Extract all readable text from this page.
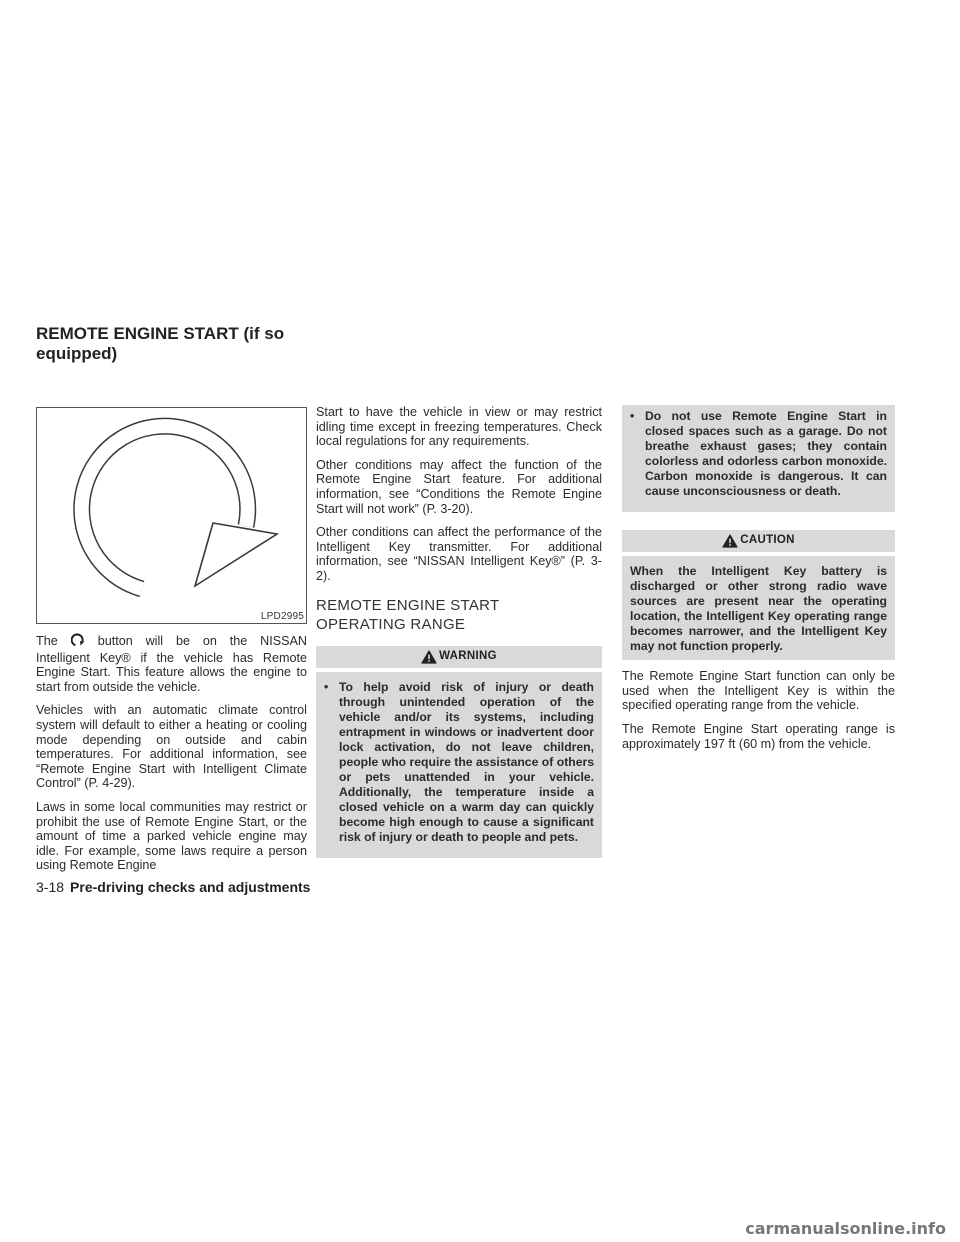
REMOTE ENGINE START (if so equipped)
LPD2995

The	button will be on the NISSAN Intelligent Key® if the vehicle has Remote Engine Start. This feature allows the engine to start from outside the vehicle.

Vehicles with an automatic climate control system will default to either a heating or cooling mode depending on outside and cabin temperatures. For additional information, see “Remote Engine Start with Intelligent Climate Control” (P. 4-29).

Laws in some local communities may restrict or prohibit the use of Remote Engine Start, or the amount of time a parked vehicle engine may idle. For example, some laws require a person using Remote Engine

Start to have the vehicle in view or may restrict idling time except in freezing temperatures. Check local regulations for any requirements.

Other conditions may affect the function of the Remote Engine Start feature. For additional information, see “Conditions the Remote Engine Start will not work” (P. 3-20).

Other conditions can affect the performance of the Intelligent Key transmitter. For additional information, see “NISSAN Intelligent Key®” (P. 3-2).

REMOTE ENGINE START OPERATING RANGE
WARNING
• To help avoid risk of injury or death through unintended operation of the vehicle and/or its systems, including entrapment in windows or inadvertent door lock activation, do not leave children, people who require the assistance of others or pets unattended in your vehicle. Additionally, the temperature inside a closed vehicle on a warm day can quickly become high enough to cause a significant risk of injury or death to people and pets.
• Do not use Remote Engine Start in closed spaces such as a garage. Do not breathe exhaust gases; they contain colorless and odorless carbon monoxide. Carbon monoxide is dangerous. It can cause unconsciousness or death.
CAUTION
When the Intelligent Key battery is discharged or other strong radio wave sources are present near the operating location, the Intelligent Key operating range becomes narrower, and the Intelligent Key may not function properly.

The Remote Engine Start function can only be used when the Intelligent Key is within the specified operating range from the vehicle.

The Remote Engine Start operating range is approximately 197 ft (60 m) from the vehicle.

3-18 Pre-driving checks and adjustments
carmanualsonline.info
